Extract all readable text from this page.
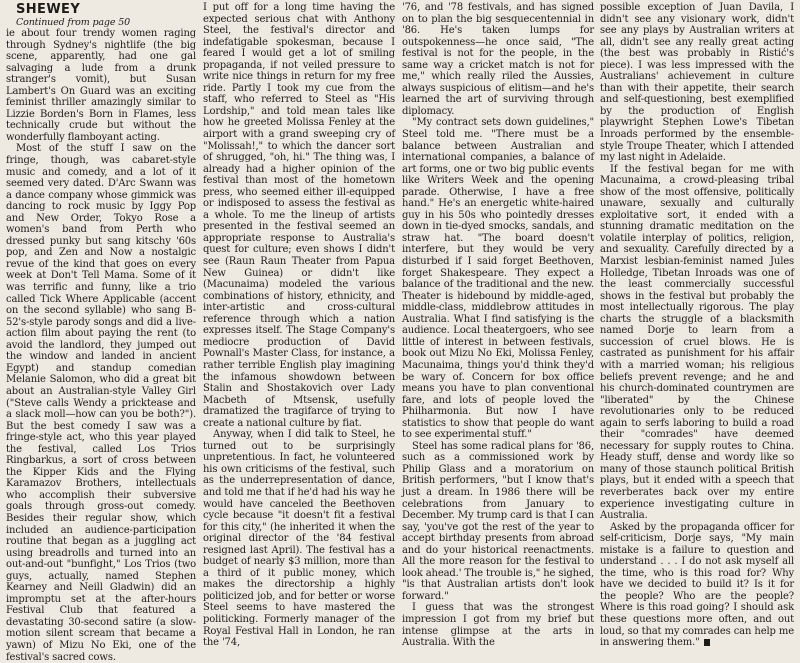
SHEWEY

Continued from page 50

ie about four trendy women raging through Sydney's nightlife (the big scene, apparently, had one gal salvaging a lude from a drunk stranger's vomit), but Susan Lambert's On Guard was an exciting feminist thriller amazingly similar to Lizzie Borden's Born in Flames, less technically crude but without the wonderfully flamboyant acting.

Most of the stuff I saw on the fringe, though, was cabaret-style music and comedy, and a lot of it seemed very dated. D'Arc Swann was a dance company whose gimmick was dancing to rock music by Iggy Pop and New Order, Tokyo Rose a women's band from Perth who dressed punky but sang kitschy '60s pop, and Zen and Now a nostalgic revue of the kind that goes on every week at Don't Tell Mama. Some of it was terrific and funny, like a trio called Tick Where Applicable (accent on the second syllable) who sang B-52's-style parody songs and did a live-action film about paying the rent (to avoid the landlord, they jumped out the window and landed in ancient Egypt) and standup comedian Melanie Salomon, who did a great bit about an Australian-style Valley Girl ("Steve calls Wendy a pricktease and a slack moll—how can you be both?"). But the best comedy I saw was a fringe-style act, who this year played the festival, called Los Trios Ringbarkus, a sort of cross between the Kipper Kids and the Flying Karamazov Brothers, intellectuals who accomplish their subversive goals through gross-out comedy. Besides their regular show, which included an audience-participation routine that began as a juggling act using breadrolls and turned into an out-and-out "bunfight," Los Trios (two guys, actually, named Stephen Kearney and Neill Gladwin) did an impromptu set at the after-hours Festival Club that featured a devastating 30-second satire (a slow-motion silent scream that became a yawn) of Mizu No Eki, one of the festival's sacred cows.

I put off for a long time having the expected serious chat with Anthony Steel, the festival's director and indefatigable spokesman, because I feared I would get a lot of smiling propaganda, if not veiled pressure to write nice things in return for my free ride. Partly I took my cue from the staff, who referred to Steel as "His Lordship," and told mean tales like how he greeted Molissa Fenley at the airport with a grand sweeping cry of "Molissah!," to which the dancer sort of shrugged, "oh, hi." The thing was, I already had a higher opinion of the festival than most of the hometown press, who seemed either ill-equipped or indisposed to assess the festival as a whole. To me the lineup of artists presented in the festival seemed an appropriate response to Australia's quest for culture; even shows I didn't see (Raun Raun Theater from Papua New Guinea) or didn't like (Macunaima) modeled the various combinations of history, ethnicity, and inter-artistic and cross-cultural reference through which a nation expresses itself. The Stage Company's mediocre production of David Pownall's Master Class, for instance, a rather terrible English play imagining the infamous showdown between Stalin and Shostakovich over Lady Macbeth of Mtsensk, usefully dramatized the tragifarce of trying to create a national culture by fiat.

Anyway, when I did talk to Steel, he turned out to be surprisingly unpretentious. In fact, he volunteered his own criticisms of the festival, such as the underrepresentation of dance, and told me that if he'd had his way he would have canceled the Beethoven cycle because "it doesn't fit a festival for this city," (he inherited it when the original director of the '84 festival resigned last April). The festival has a budget of nearly $3 million, more than a third of it public money, which makes the directorship a highly politicized job, and for better or worse Steel seems to have mastered the politicking. Formerly manager of the Royal Festival Hall in London, he ran the '74,

'76, and '78 festivals, and has signed on to plan the big sesquecentennial in '86. He's taken lumps for outspokenness—he once said, "The festival is not for the people, in the same way a cricket match is not for me," which really riled the Aussies, always suspicious of elitism—and he's learned the art of surviving through diplomacy.

"My contract sets down guidelines," Steel told me. "There must be a balance between Australian and international companies, a balance of art forms, one or two big public events like Writers Week and the opening parade. Otherwise, I have a free hand." He's an energetic white-haired guy in his 50s who pointedly dresses down in tie-dyed smocks, sandals, and straw hat. "The board doesn't interfere, but they would be very disturbed if I said forget Beethoven, forget Shakespeare. They expect a balance of the traditional and the new. Theater is hidebound by middle-aged, middle-class, middlebrow attitudes in Australia. What I find satisfying is the audience. Local theatergoers, who see little of interest in between festivals, book out Mizu No Eki, Molissa Fenley, Macunaima, things you'd think they'd be wary of. Concern for box office means you have to plan conventional fare, and lots of people loved the Philharmonia. But now I have statistics to show that people do want to see experimental stuff."

Steel has some radical plans for '86, such as a commissioned work by Philip Glass and a moratorium on British performers, "but I know that's just a dream. In 1986 there will be celebrations from January to December. My trump card is that I can say, 'you've got the rest of the year to accept birthday presents from abroad and do your historical reenactments. All the more reason for the festival to look ahead.' The trouble is," he sighed, "is that Australian artists don't look forward."

I guess that was the strongest impression I got from my brief but intense glimpse at the arts in Australia. With the

possible exception of Juan Davila, I didn't see any visionary work, didn't see any plays by Australian writers at all, didn't see any really great acting (the best was probably in Ristić's piece). I was less impressed with the Australians' achievement in culture than with their appetite, their search and self-questioning, best exemplified by the production of English playwright Stephen Lowe's Tibetan Inroads performed by the ensemble-style Troupe Theater, which I attended my last night in Adelaide.

If the festival began for me with Macunaima, a crowd-pleasing tribal show of the most offensive, politically unaware, sexually and culturally exploitative sort, it ended with a stunning dramatic meditation on the volatile interplay of politics, religion, and sexuality. Carefully directed by a Marxist lesbian-feminist named Jules Holledge, Tibetan Inroads was one of the least commercially successful shows in the festival but probably the most intellectually rigorous. The play charts the struggle of a blacksmith named Dorje to learn from a succession of cruel blows. He is castrated as punishment for his affair with a married woman; his religious beliefs prevent revenge; and he and his church-dominated countrymen are "liberated" by the Chinese revolutionaries only to be reduced again to serfs laboring to build a road their "comrades" have deemed necessary for supply routes to China. Heady stuff, dense and wordy like so many of those staunch political British plays, but it ended with a speech that reverberates back over my entire experience investigating culture in Australia.

Asked by the propaganda officer for self-criticism, Dorje says, "My main mistake is a failure to question and understand . . . I do not ask myself all the time, who is this road for? Why have we decided to build it? Is it for the people? Who are the people? Where is this road going? I should ask these questions more often, and out loud, so that my comrades can help me in answering them."
